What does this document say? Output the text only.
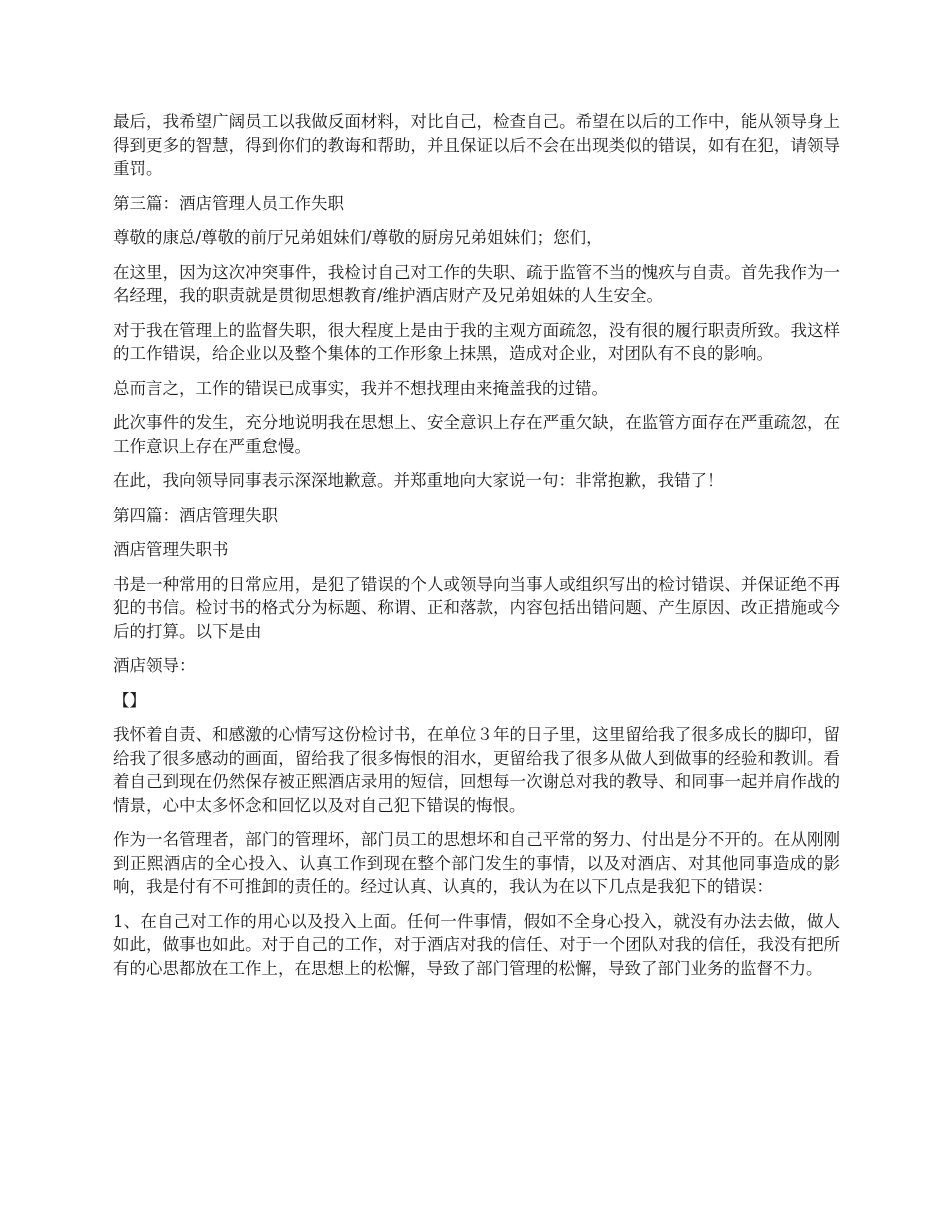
最后，我希望广阔员工以我做反面材料，对比自己，检查自己。希望在以后的工作中，能从领导身上得到更多的智慧，得到你们的教诲和帮助，并且保证以后不会在出现类似的错误，如有在犯，请领导重罚。

第三篇：酒店管理人员工作失职

尊敬的康总/尊敬的前厅兄弟姐妹们/尊敬的厨房兄弟姐妹们；您们，

在这里，因为这次冲突事件，我检讨自己对工作的失职、疏于监管不当的愧疚与自责。首先我作为一名经理，我的职责就是贯彻思想教育/维护酒店财产及兄弟姐妹的人生安全。

对于我在管理上的监督失职，很大程度上是由于我的主观方面疏忽，没有很的履行职责所致。我这样的工作错误，给企业以及整个集体的工作形象上抹黑，造成对企业，对团队有不良的影响。

总而言之，工作的错误已成事实，我并不想找理由来掩盖我的过错。

此次事件的发生，充分地说明我在思想上、安全意识上存在严重欠缺，在监管方面存在严重疏忽，在工作意识上存在严重怠慢。

在此，我向领导同事表示深深地歉意。并郑重地向大家说一句：非常抱歉，我错了！

第四篇：酒店管理失职

酒店管理失职书

书是一种常用的日常应用，是犯了错误的个人或领导向当事人或组织写出的检讨错误、并保证绝不再犯的书信。检讨书的格式分为标题、称谓、正和落款，内容包括出错问题、产生原因、改正措施或今后的打算。以下是由

酒店领导：

【】

我怀着自责、和感激的心情写这份检讨书，在单位３年的日子里，这里留给我了很多成长的脚印，留给我了很多感动的画面，留给我了很多悔恨的泪水，更留给我了很多从做人到做事的经验和教训。看着自己到现在仍然保存被正熙酒店录用的短信，回想每一次谢总对我的教导、和同事一起并肩作战的情景，心中太多怀念和回忆以及对自己犯下错误的悔恨。

作为一名管理者，部门的管理坏，部门员工的思想坏和自己平常的努力、付出是分不开的。在从刚刚到正熙酒店的全心投入、认真工作到现在整个部门发生的事情，以及对酒店、对其他同事造成的影响，我是付有不可推卸的责任的。经过认真、认真的，我认为在以下几点是我犯下的错误：

1、在自己对工作的用心以及投入上面。任何一件事情，假如不全身心投入，就没有办法去做，做人如此，做事也如此。对于自己的工作，对于酒店对我的信任、对于一个团队对我的信任，我没有把所有的心思都放在工作上，在思想上的松懈，导致了部门管理的松懈，导致了部门业务的监督不力。
